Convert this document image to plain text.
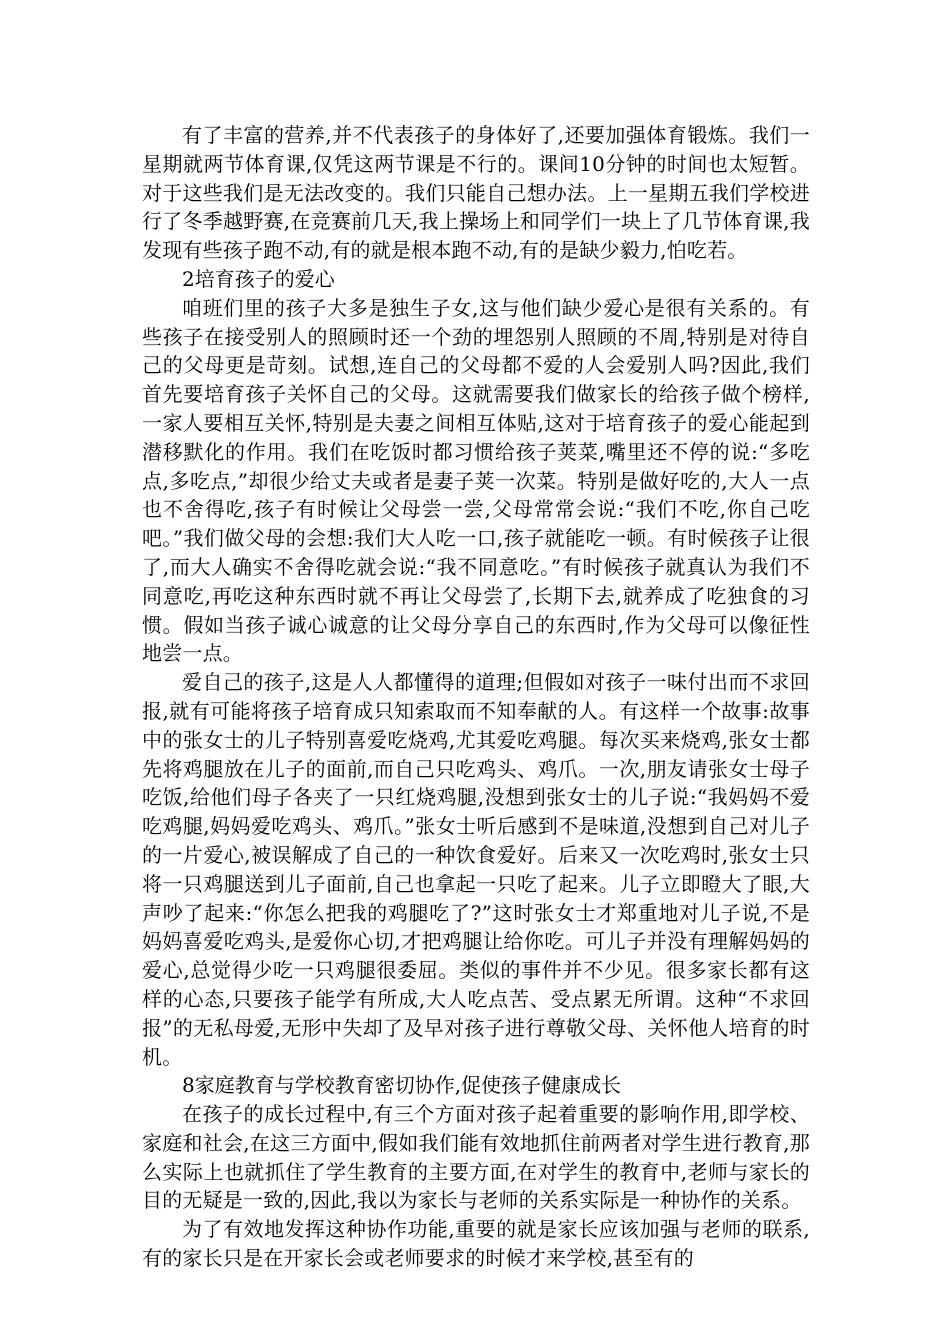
有了丰富的营养,并不代表孩子的身体好了,还要加强体育锻炼。我们一星期就两节体育课,仅凭这两节课是不行的。课间10分钟的时间也太短暂。对于这些我们是无法改变的。我们只能自己想办法。上一星期五我们学校进行了冬季越野赛,在竞赛前几天,我上操场上和同学们一块上了几节体育课,我发现有些孩子跑不动,有的就是根本跑不动,有的是缺少毅力,怕吃若。

2培育孩子的爱心

咱班们里的孩子大多是独生子女,这与他们缺少爱心是很有关系的。有些孩子在接受别人的照顾时还一个劲的埋怨别人照顾的不周,特别是对待自己的父母更是苛刻。试想,连自己的父母都不爱的人会爱别人吗?因此,我们首先要培育孩子关怀自己的父母。这就需要我们做家长的给孩子做个榜样,一家人要相互关怀,特别是夫妻之间相互体贴,这对于培育孩子的爱心能起到潜移默化的作用。我们在吃饭时都习惯给孩子荚菜,嘴里还不停的说:“多吃点,多吃点,”却很少给丈夫或者是妻子荚一次菜。特别是做好吃的,大人一点也不舍得吃,孩子有时候让父母尝一尝,父母常常会说:“我们不吃,你自己吃吧。”我们做父母的会想:我们大人吃一口,孩子就能吃一顿。有时候孩子让很了,而大人确实不舍得吃就会说:“我不同意吃。”有时候孩子就真认为我们不同意吃,再吃这种东西时就不再让父母尝了,长期下去,就养成了吃独食的习惯。假如当孩子诚心诚意的让父母分享自己的东西时,作为父母可以像征性地尝一点。

爱自己的孩子,这是人人都懂得的道理;但假如对孩子一味付出而不求回报,就有可能将孩子培育成只知索取而不知奉献的人。有这样一个故事:故事中的张女士的儿子特别喜爱吃烧鸡,尤其爱吃鸡腿。每次买来烧鸡,张女士都先将鸡腿放在儿子的面前,而自己只吃鸡头、鸡爪。一次,朋友请张女士母子吃饭,给他们母子各夹了一只红烧鸡腿,没想到张女士的儿子说:“我妈妈不爱吃鸡腿,妈妈爱吃鸡头、鸡爪。”张女士听后感到不是味道,没想到自己对儿子的一片爱心,被误解成了自己的一种饮食爱好。后来又一次吃鸡时,张女士只将一只鸡腿送到儿子面前,自己也拿起一只吃了起来。儿子立即瞪大了眼,大声吵了起来:“你怎么把我的鸡腿吃了?”这时张女士才郑重地对儿子说,不是妈妈喜爱吃鸡头,是爱你心切,才把鸡腿让给你吃。可儿子并没有理解妈妈的爱心,总觉得少吃一只鸡腿很委屈。类似的事件并不少见。很多家长都有这样的心态,只要孩子能学有所成,大人吃点苦、受点累无所谓。这种“不求回报”的无私母爱,无形中失却了及早对孩子进行尊敬父母、关怀他人培育的时机。

8家庭教育与学校教育密切协作,促使孩子健康成长

在孩子的成长过程中,有三个方面对孩子起着重要的影响作用,即学校、家庭和社会,在这三方面中,假如我们能有效地抓住前两者对学生进行教育,那么实际上也就抓住了学生教育的主要方面,在对学生的教育中,老师与家长的目的无疑是一致的,因此,我以为家长与老师的关系实际是一种协作的关系。

为了有效地发挥这种协作功能,重要的就是家长应该加强与老师的联系,有的家长只是在开家长会或老师要求的时候才来学校,甚至有的
